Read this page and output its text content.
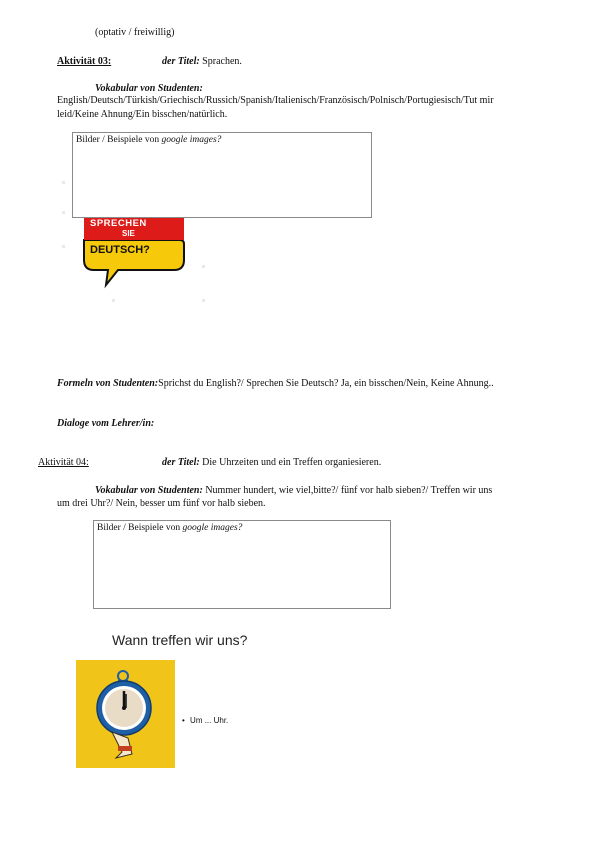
(optativ / freiwillig)
Aktivität 03:	der Titel: Sprachen.
Vokabular von Studenten:
English/Deutsch/Türkish/Griechisch/Russich/Spanish/Italienisch/Französisch/Polnisch/Portugiesisch/Tut mir
leid/Keine Ahnung/Ein bisschen/natürlich.
SPRECHEN
SIE
DEUTSCH?
Bilder / Beispiele von google images?
Formeln von Studenten:Sprichst du English?/ Sprechen Sie Deutsch? Ja, ein bisschen/Nein, Keine Ahnung..
Dialoge vom Lehrer/in:
Aktivität 04:	der Titel: Die Uhrzeiten und ein Treffen organiesieren.
Vokabular von Studenten: Nummer hundert, wie viel,bitte?/ fünf vor halb sieben?/ Treffen wir uns
um drei Uhr?/ Nein, besser um fünf vor halb sieben.
Bilder / Beispiele von google images?
Wann treffen wir uns?
• Um ... Uhr.
